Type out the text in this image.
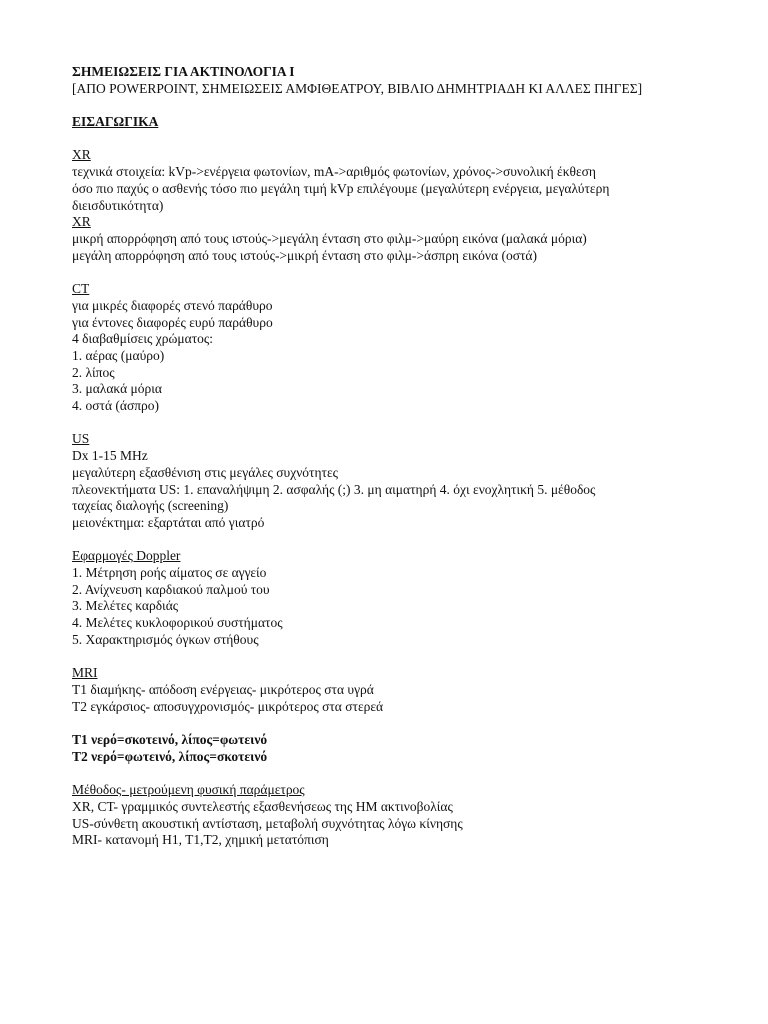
ΣΗΜΕΙΩΣΕΙΣ ΓΙΑ ΑΚΤΙΝΟΛΟΓΙΑ Ι
[ΑΠΟ POWERPOINT, ΣΗΜΕΙΩΣΕΙΣ ΑΜΦΙΘΕΑΤΡΟΥ, ΒΙΒΛΙΟ ΔΗΜΗΤΡΙΑΔΗ ΚΙ ΑΛΛΕΣ ΠΗΓΕΣ]
ΕΙΣΑΓΩΓΙΚΑ
XR
τεχνικά στοιχεία: kVp->ενέργεια φωτονίων, mA->αριθμός φωτονίων, χρόνος->συνολική έκθεση
όσο πιο παχύς ο ασθενής τόσο πιο μεγάλη τιμή kVp επιλέγουμε (μεγαλύτερη ενέργεια, μεγαλύτερη
διεισδυτικότητα)
XR
μικρή απορρόφηση από τους ιστούς->μεγάλη ένταση στο φιλμ->μαύρη εικόνα (μαλακά μόρια)
μεγάλη απορρόφηση από τους ιστούς->μικρή ένταση στο φιλμ->άσπρη εικόνα (οστά)
CT
για μικρές διαφορές στενό παράθυρο
για έντονες διαφορές ευρύ παράθυρο
4 διαβαθμίσεις χρώματος:
1. αέρας (μαύρο)
2. λίπος
3. μαλακά μόρια
4. οστά (άσπρο)
US
Dx 1-15 MHz
μεγαλύτερη εξασθένιση στις μεγάλες συχνότητες
πλεονεκτήματα US: 1. επαναλήψιμη 2. ασφαλής (;) 3. μη αιματηρή 4. όχι ενοχλητική 5. μέθοδος
ταχείας διαλογής (screening)
μειονέκτημα: εξαρτάται από γιατρό
Εφαρμογές Doppler
1. Μέτρηση ροής αίματος σε αγγείο
2. Ανίχνευση καρδιακού παλμού του
3. Μελέτες καρδιάς
4. Μελέτες κυκλοφορικού συστήματος
5. Χαρακτηρισμός όγκων στήθους
MRI
T1 διαμήκης- απόδοση ενέργειας- μικρότερος στα υγρά
T2 εγκάρσιος- αποσυγχρονισμός- μικρότερος στα στερεά
T1 νερό=σκοτεινό, λίπος=φωτεινό
T2 νερό=φωτεινό, λίπος=σκοτεινό
Μέθοδος- μετρούμενη φυσική παράμετρος
XR, CT- γραμμικός συντελεστής εξασθενήσεως της ΗΜ ακτινοβολίας
US-σύνθετη ακουστική αντίσταση, μεταβολή συχνότητας λόγω κίνησης
MRI- κατανομή H1, T1,T2, χημική μετατόπιση
